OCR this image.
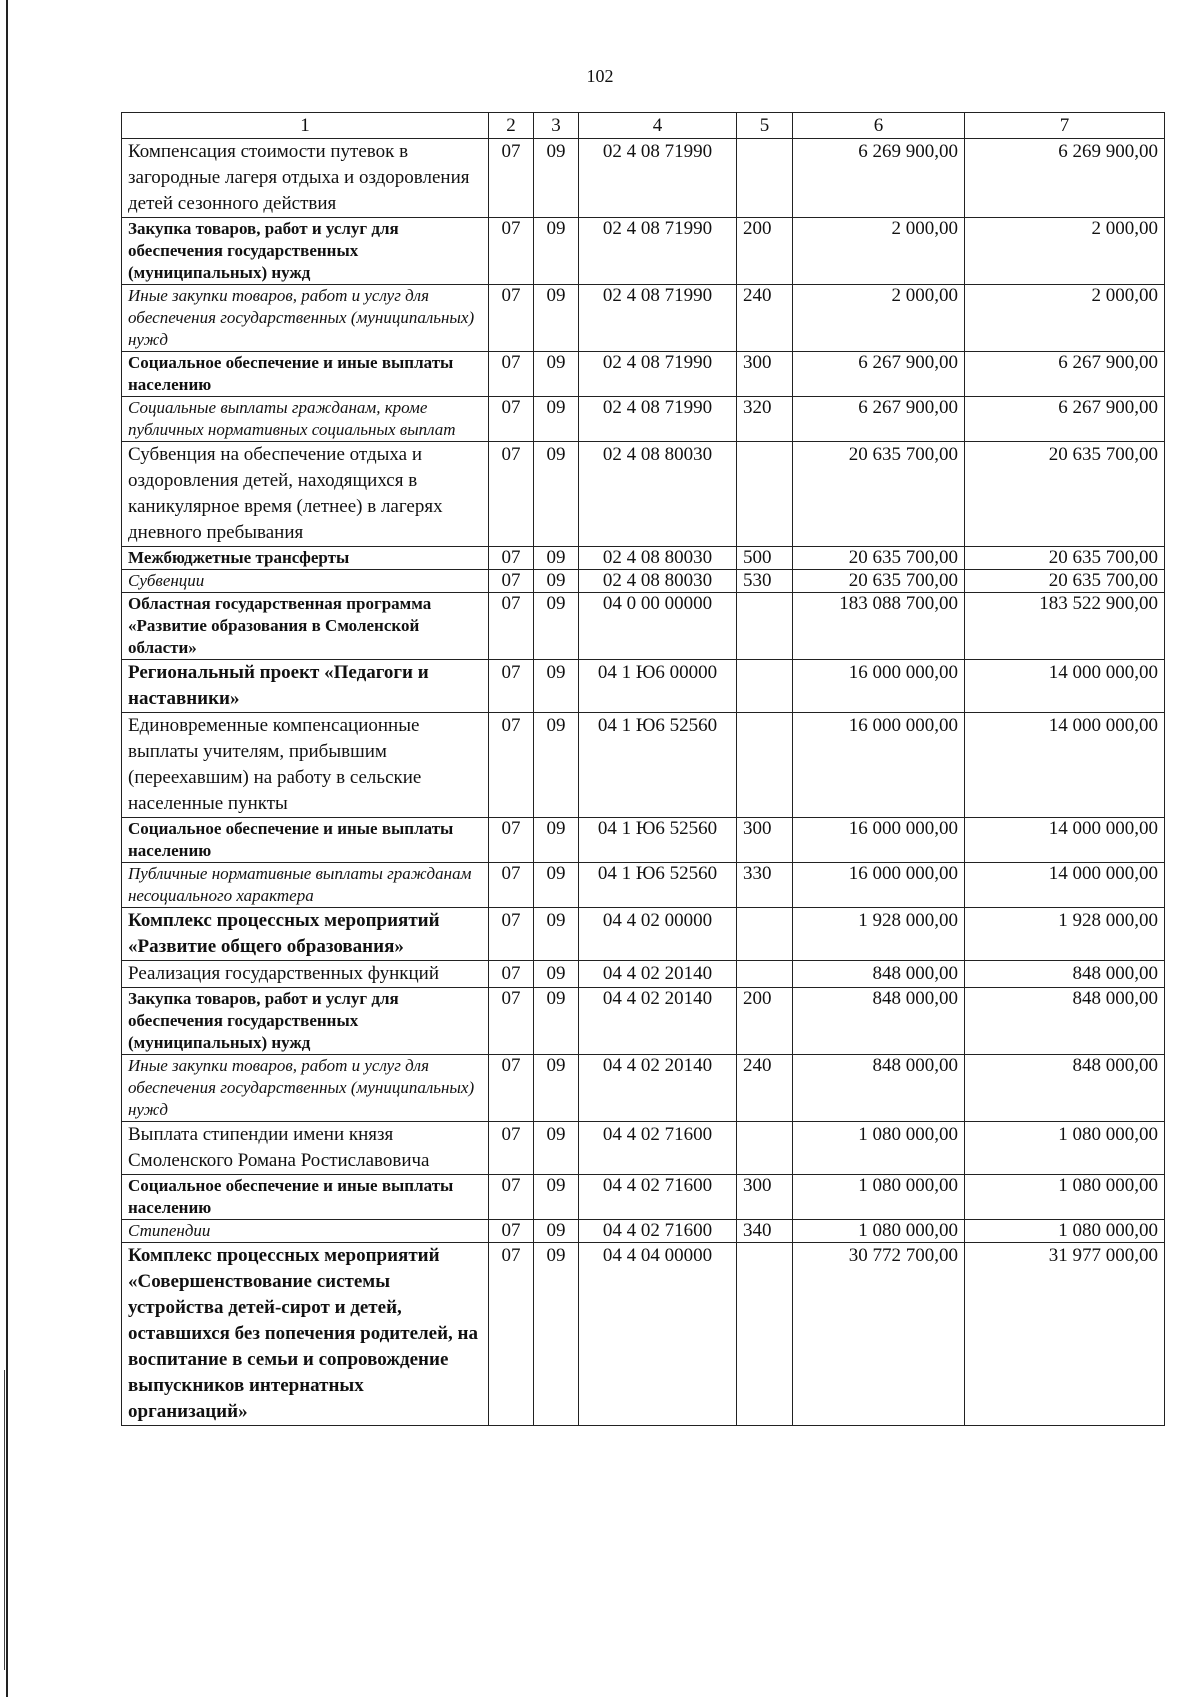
102
1	2	3	4	5	6	7
Компенсация стоимости путевок в загородные лагеря отдыха и оздоровления детей сезонного действия	07	09	02 4 08 71990		6 269 900,00	6 269 900,00
Закупка товаров, работ и услуг для обеспечения государственных (муниципальных) нужд	07	09	02 4 08 71990	200	2 000,00	2 000,00
Иные закупки товаров, работ и услуг для обеспечения государственных (муниципальных) нужд	07	09	02 4 08 71990	240	2 000,00	2 000,00
Социальное обеспечение и иные выплаты населению	07	09	02 4 08 71990	300	6 267 900,00	6 267 900,00
Социальные выплаты гражданам, кроме публичных нормативных социальных выплат	07	09	02 4 08 71990	320	6 267 900,00	6 267 900,00
Субвенция на обеспечение отдыха и оздоровления детей, находящихся в каникулярное время (летнее) в лагерях дневного пребывания	07	09	02 4 08 80030		20 635 700,00	20 635 700,00
Межбюджетные трансферты	07	09	02 4 08 80030	500	20 635 700,00	20 635 700,00
Субвенции	07	09	02 4 08 80030	530	20 635 700,00	20 635 700,00
Областная государственная программа «Развитие образования в Смоленской области»	07	09	04 0 00 00000		183 088 700,00	183 522 900,00
Региональный проект «Педагоги и наставники»	07	09	04 1 Ю6 00000		16 000 000,00	14 000 000,00
Единовременные компенсационные выплаты учителям, прибывшим (переехавшим) на работу в сельские населенные пункты	07	09	04 1 Ю6 52560		16 000 000,00	14 000 000,00
Социальное обеспечение и иные выплаты населению	07	09	04 1 Ю6 52560	300	16 000 000,00	14 000 000,00
Публичные нормативные выплаты гражданам несоциального характера	07	09	04 1 Ю6 52560	330	16 000 000,00	14 000 000,00
Комплекс процессных мероприятий «Развитие общего образования»	07	09	04 4 02 00000		1 928 000,00	1 928 000,00
Реализация государственных функций	07	09	04 4 02 20140		848 000,00	848 000,00
Закупка товаров, работ и услуг для обеспечения государственных (муниципальных) нужд	07	09	04 4 02 20140	200	848 000,00	848 000,00
Иные закупки товаров, работ и услуг для обеспечения государственных (муниципальных) нужд	07	09	04 4 02 20140	240	848 000,00	848 000,00
Выплата стипендии имени князя Смоленского Романа Ростиславовича	07	09	04 4 02 71600		1 080 000,00	1 080 000,00
Социальное обеспечение и иные выплаты населению	07	09	04 4 02 71600	300	1 080 000,00	1 080 000,00
Стипендии	07	09	04 4 02 71600	340	1 080 000,00	1 080 000,00
Комплекс процессных мероприятий «Совершенствование системы устройства детей-сирот и детей, оставшихся без попечения родителей, на воспитание в семьи и сопровождение выпускников интернатных организаций»	07	09	04 4 04 00000		30 772 700,00	31 977 000,00
